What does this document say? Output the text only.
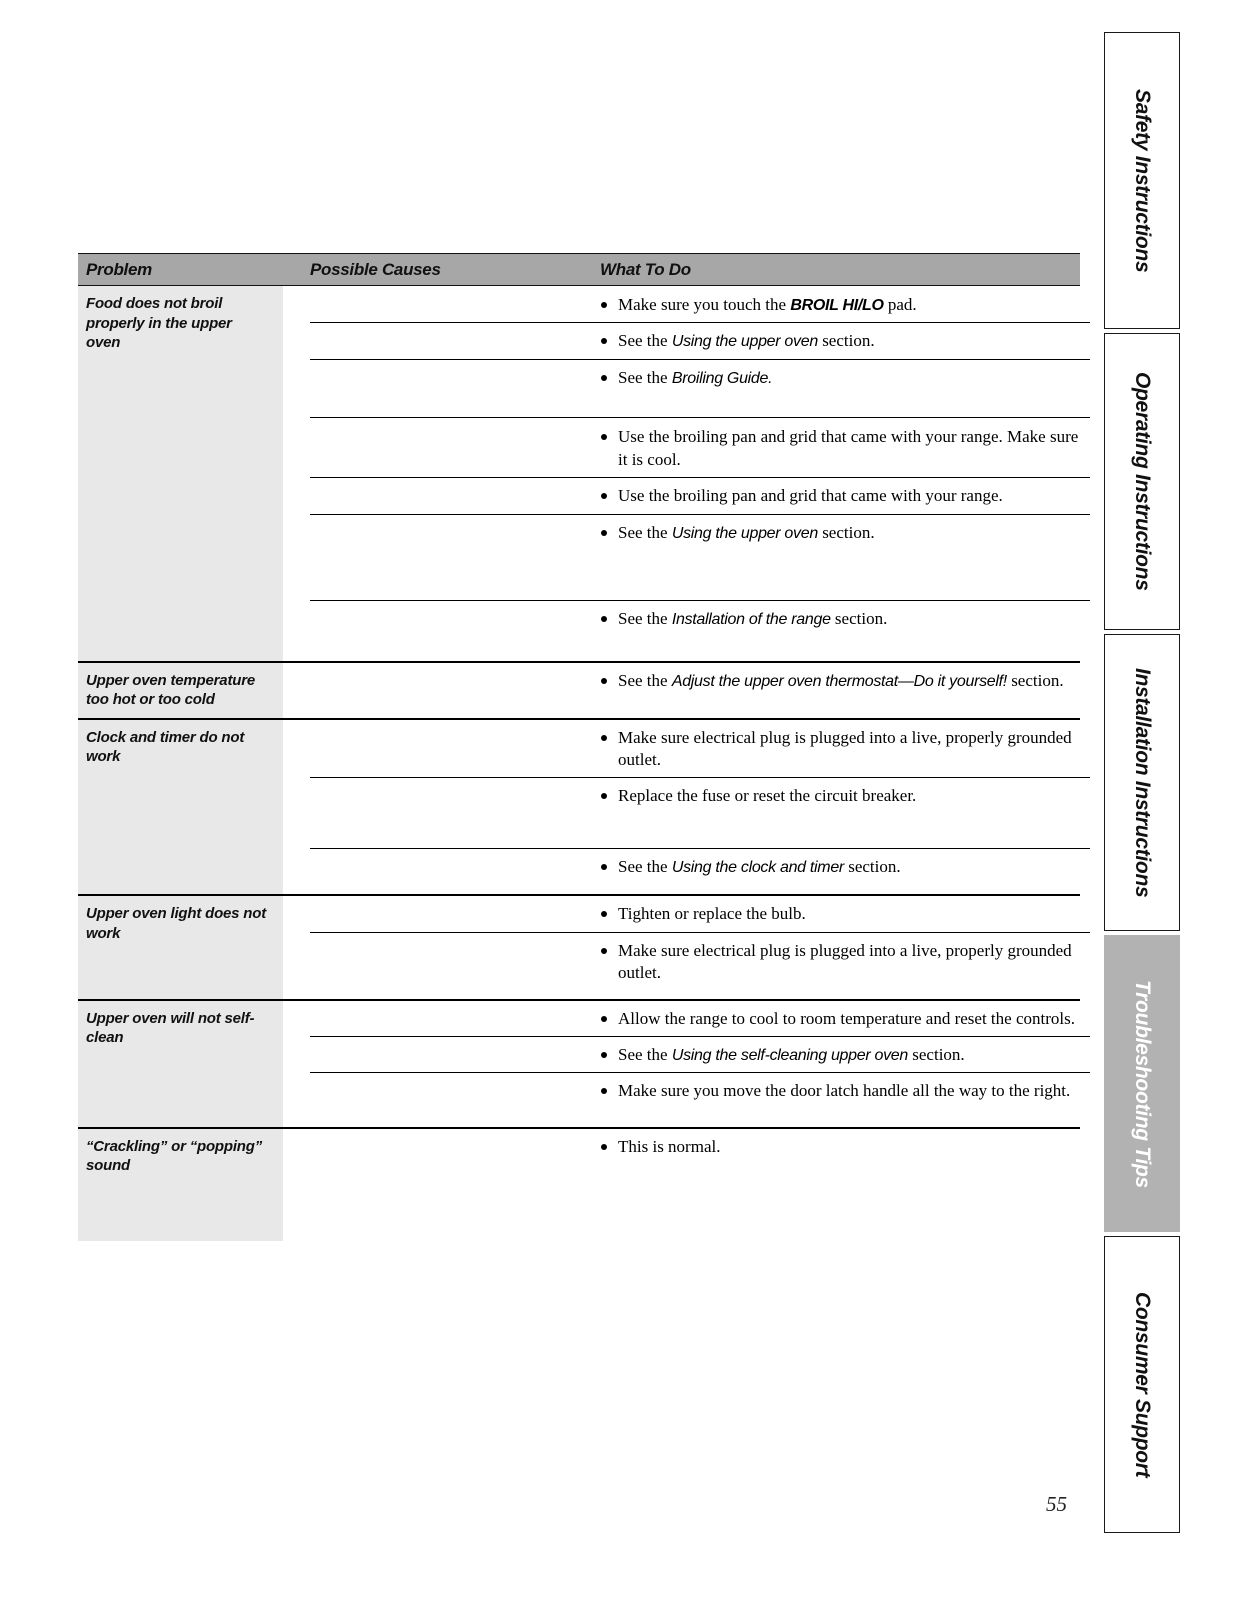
Problem	Possible Causes	What To Do
Food does not broil properly in the upper oven
Make sure you touch the BROIL HI/LO pad.
See the Using the upper oven section.
See the Broiling Guide.
Use the broiling pan and grid that came with your range. Make sure it is cool.
Use the broiling pan and grid that came with your range.
See the Using the upper oven section.
See the Installation of the range section.
Upper oven temperature too hot or too cold
See the Adjust the upper oven thermostat—Do it yourself! section.
Clock and timer do not work
Make sure electrical plug is plugged into a live, properly grounded outlet.
Replace the fuse or reset the circuit breaker.
See the Using the clock and timer section.
Upper oven light does not work
Tighten or replace the bulb.
Make sure electrical plug is plugged into a live, properly grounded outlet.
Upper oven will not self-clean
Allow the range to cool to room temperature and reset the controls.
See the Using the self-cleaning upper oven section.
Make sure you move the door latch handle all the way to the right.
“Crackling” or “popping” sound
This is normal.
Safety Instructions
Operating Instructions
Installation Instructions
Troubleshooting Tips
Consumer Support
55
